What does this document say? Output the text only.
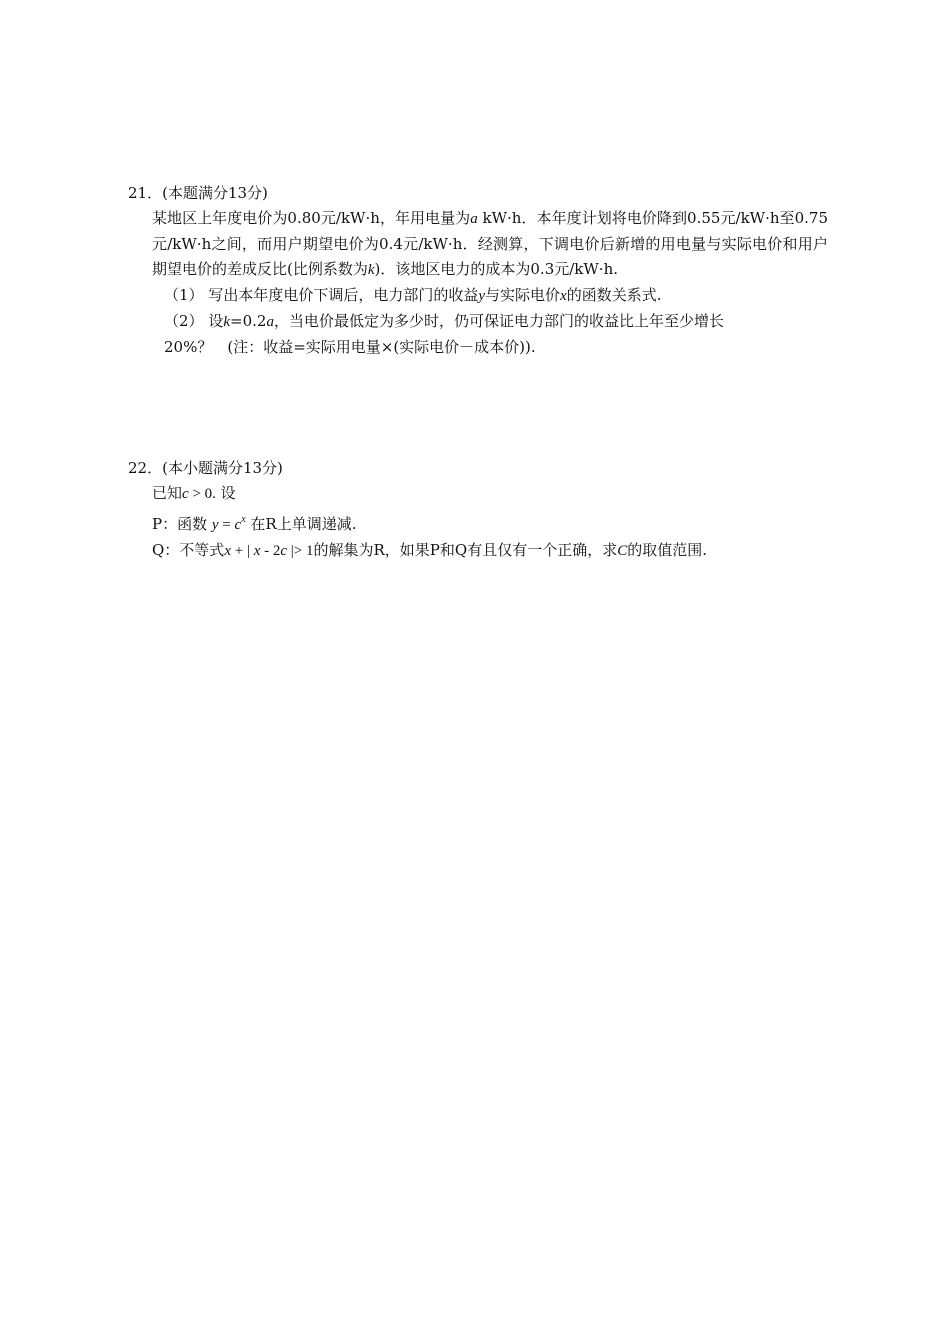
21．(本题满分13分)
某地区上年度电价为0.80元/kW·h，年用电量为a kW·h．本年度计划将电价降到0.55元/kW·h至0.75元/kW·h之间，而用户期望电价为0.4元/kW·h．经测算，下调电价后新增的用电量与实际电价和用户期望电价的差成反比(比例系数为k)．该地区电力的成本为0.3元/kW·h.
（1） 写出本年度电价下调后，电力部门的收益y与实际电价x的函数关系式.
（2） 设k=0.2a，当电价最低定为多少时，仍可保证电力部门的收益比上年至少增长
20%？　(注：收益=实际用电量×(实际电价－成本价)).
22．(本小题满分13分)
已知c > 0. 设
P：函数 $y = c^x$ 在R上单调递减.
Q：不等式x + | x - 2c |> 1的解集为R，如果P和Q有且仅有一个正确，求C的取值范围.
